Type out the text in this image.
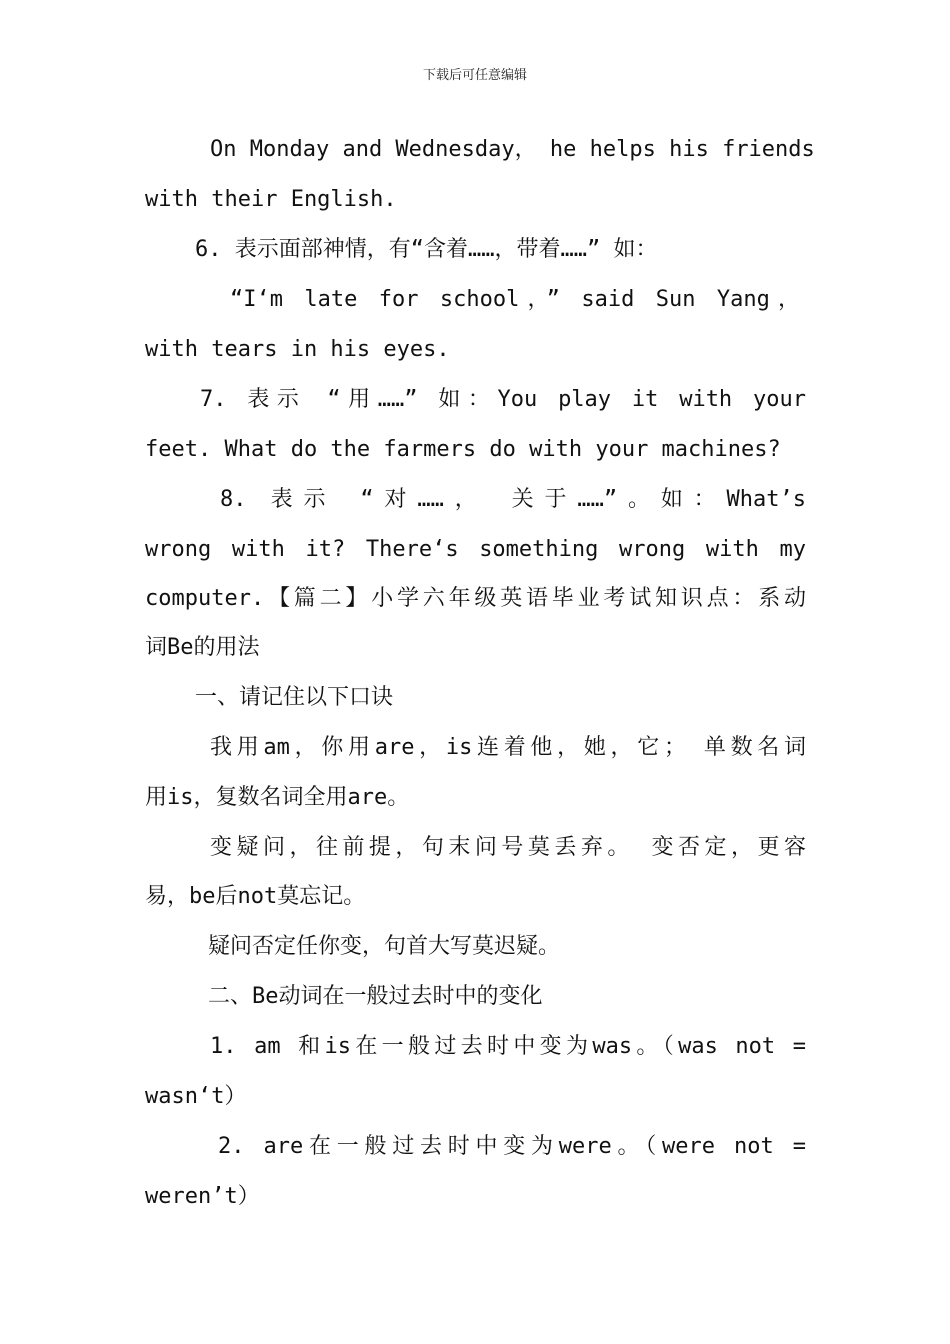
下载后可任意编辑
On Monday and Wednesday， he helps his friends
with their English.
6. 表示面部神情，有“含着……，带着……” 如：
“I‘m late for school，” said Sun Yang，
with tears in his eyes.
7. 表示 “用……” 如：You play it with your
feet. What do the farmers do with your machines?
8. 表示 “对……， 关于……”。如：What’s
wrong with it? There‘s something wrong with my
computer.【篇二】小学六年级英语毕业考试知识点：系动
词Be的用法
一、请记住以下口诀
我用am，你用are，is连着他，她，它； 单数名词
用is，复数名词全用are。
变疑问，往前提，句末问号莫丢弃。 变否定，更容
易，be后not莫忘记。
疑问否定任你变，句首大写莫迟疑。
二、Be动词在一般过去时中的变化
1. am 和is在一般过去时中变为was。（was not =
wasn‘t）
2. are在一般过去时中变为were。（were not =
weren’t）
